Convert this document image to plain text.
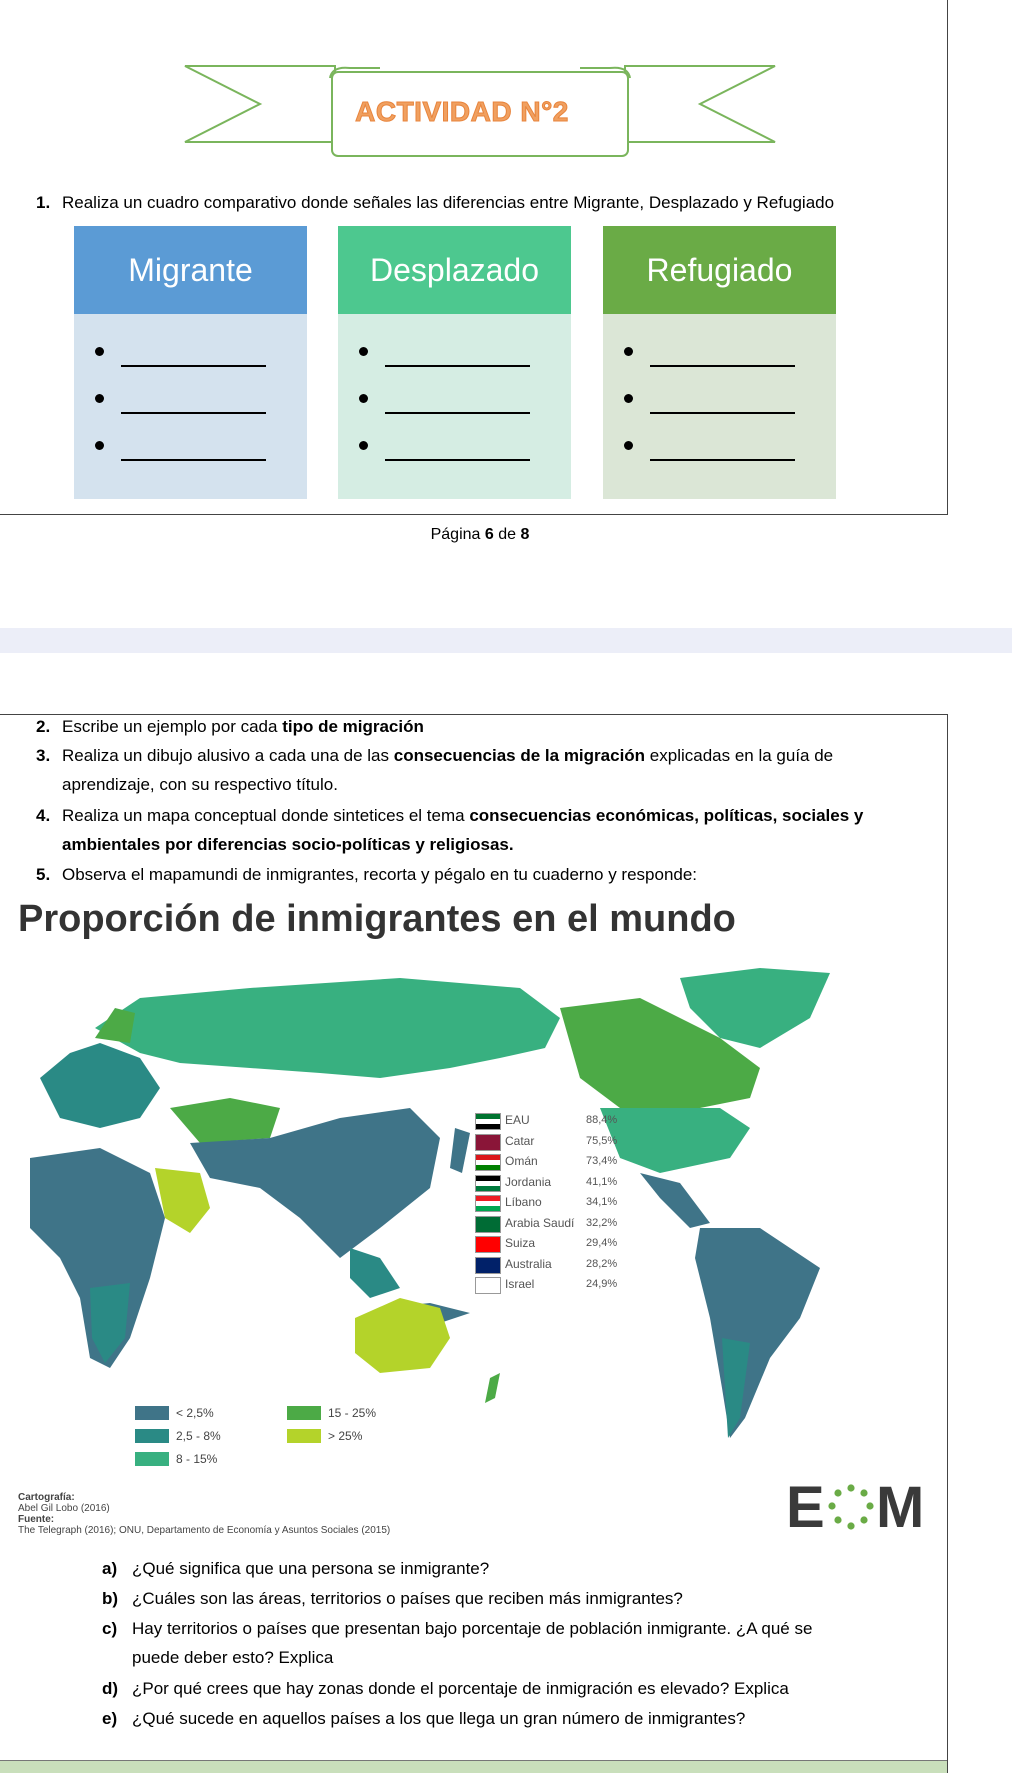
ACTIVIDAD N°2
1. Realiza un cuadro comparativo donde señales las diferencias entre Migrante, Desplazado y Refugiado
Migrante	Desplazado	Refugiado
Página 6 de 8
2. Escribe un ejemplo por cada tipo de migración
3. Realiza un dibujo alusivo a cada una de las consecuencias de la migración explicadas en la guía de
aprendizaje, con su respectivo título.
4. Realiza un mapa conceptual donde sintetices el tema consecuencias económicas, políticas, sociales y
ambientales por diferencias socio-políticas y religiosas.
5. Observa el mapamundi de inmigrantes, recorta y pégalo en tu cuaderno y responde:
Proporción de inmigrantes en el mundo
EAU	88,4%
Catar	75,5%
Omán	73,4%
Jordania	41,1%
Líbano	34,1%
Arabia Saudí 32,2%
Suiza	29,4%
Australia	28,2%
Israel	24,9%
< 2,5%
2,5 - 8%
8 - 15%
15 - 25%
> 25%
Cartografía:
Abel Gil Lobo (2016)
Fuente:
The Telegraph (2016); ONU, Departamento de Economía y Asuntos Sociales (2015)	E M
a) ¿Qué significa que una persona se inmigrante?
b) ¿Cuáles son las áreas, territorios o países que reciben más inmigrantes?
c) Hay territorios o países que presentan bajo porcentaje de población inmigrante. ¿A qué se
puede deber esto? Explica
d) ¿Por qué crees que hay zonas donde el porcentaje de inmigración es elevado? Explica
e) ¿Qué sucede en aquellos países a los que llega un gran número de inmigrantes?
